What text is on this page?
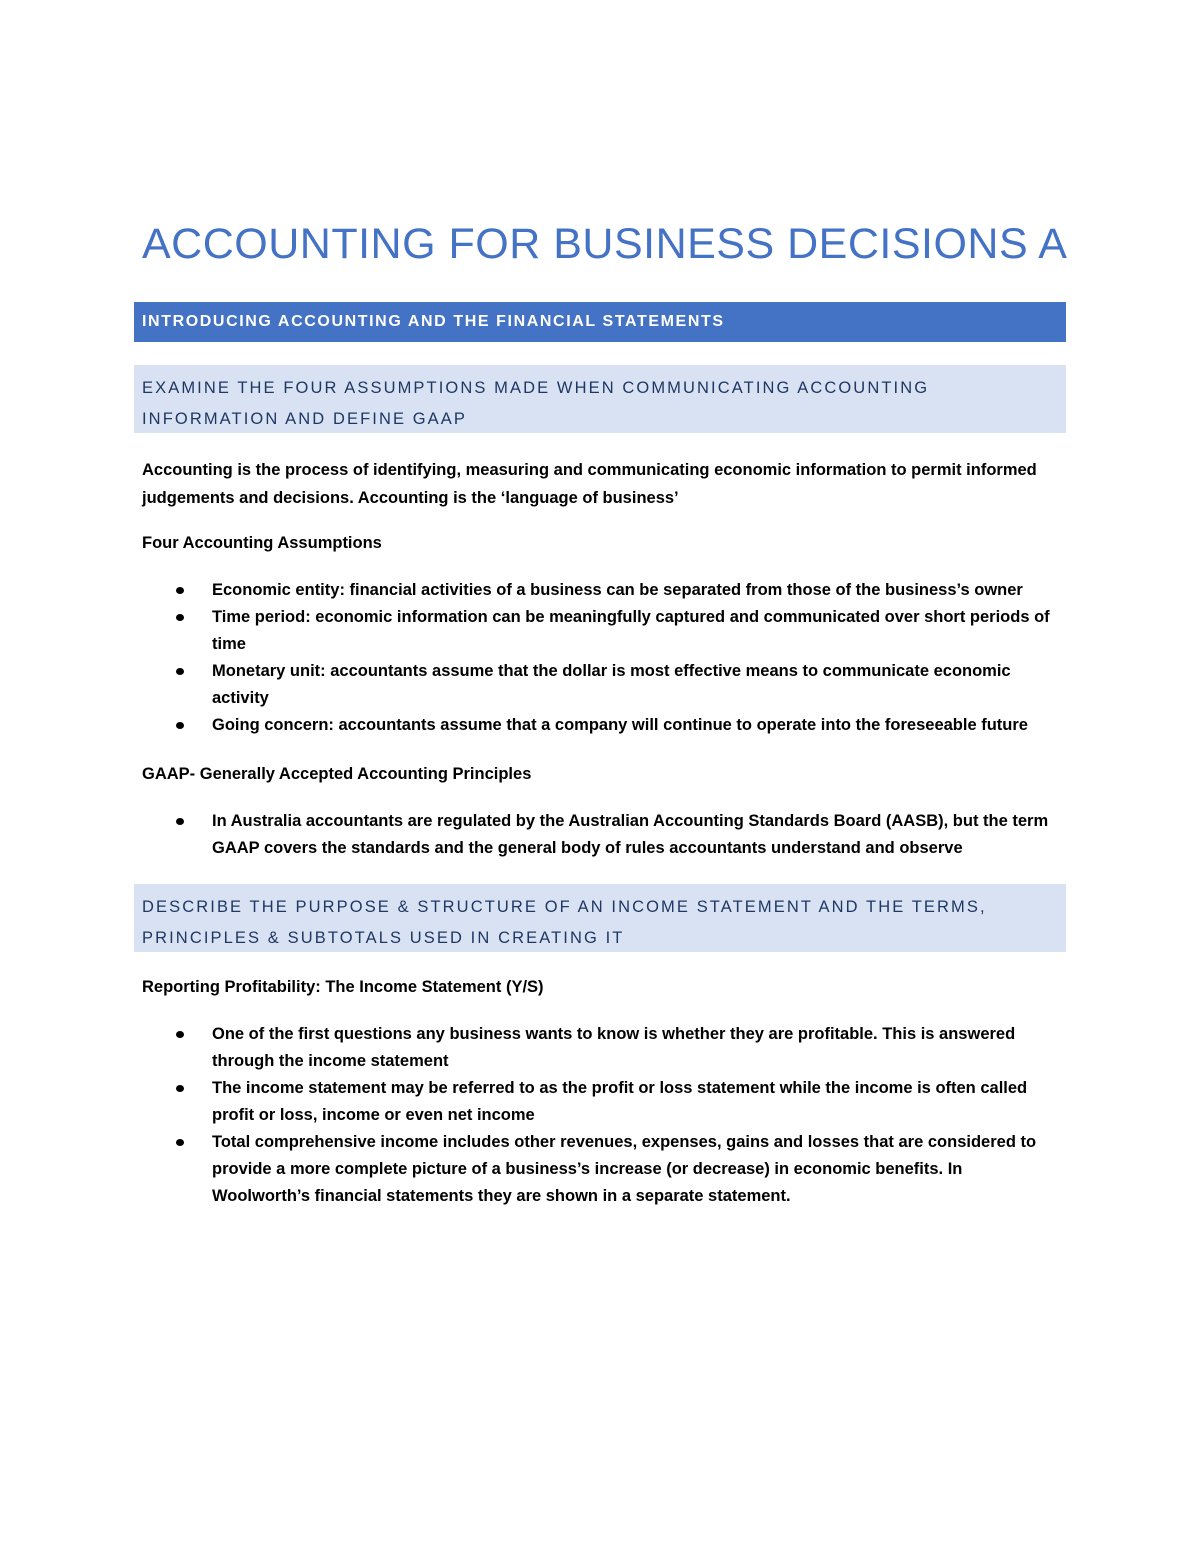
ACCOUNTING FOR BUSINESS DECISIONS A
INTRODUCING ACCOUNTING AND THE FINANCIAL STATEMENTS
EXAMINE THE FOUR ASSUMPTIONS MADE WHEN COMMUNICATING ACCOUNTING INFORMATION AND DEFINE GAAP
Accounting is the process of identifying, measuring and communicating economic information to permit informed judgements and decisions. Accounting is the ‘language of business’
Four Accounting Assumptions
Economic entity: financial activities of a business can be separated from those of the business’s owner
Time period: economic information can be meaningfully captured and communicated over short periods of time
Monetary unit: accountants assume that the dollar is most effective means to communicate economic activity
Going concern: accountants assume that a company will continue to operate into the foreseeable future
GAAP- Generally Accepted Accounting Principles
In Australia accountants are regulated by the Australian Accounting Standards Board (AASB), but the term GAAP covers the standards and the general body of rules accountants understand and observe
DESCRIBE THE PURPOSE & STRUCTURE OF AN INCOME STATEMENT AND THE TERMS, PRINCIPLES & SUBTOTALS USED IN CREATING IT
Reporting Profitability: The Income Statement (Y/S)
One of the first questions any business wants to know is whether they are profitable. This is answered through the income statement
The income statement may be referred to as the profit or loss statement while the income is often called profit or loss, income or even net income
Total comprehensive income includes other revenues, expenses, gains and losses that are considered to provide a more complete picture of a business’s increase (or decrease) in economic benefits. In Woolworth’s financial statements they are shown in a separate statement.
